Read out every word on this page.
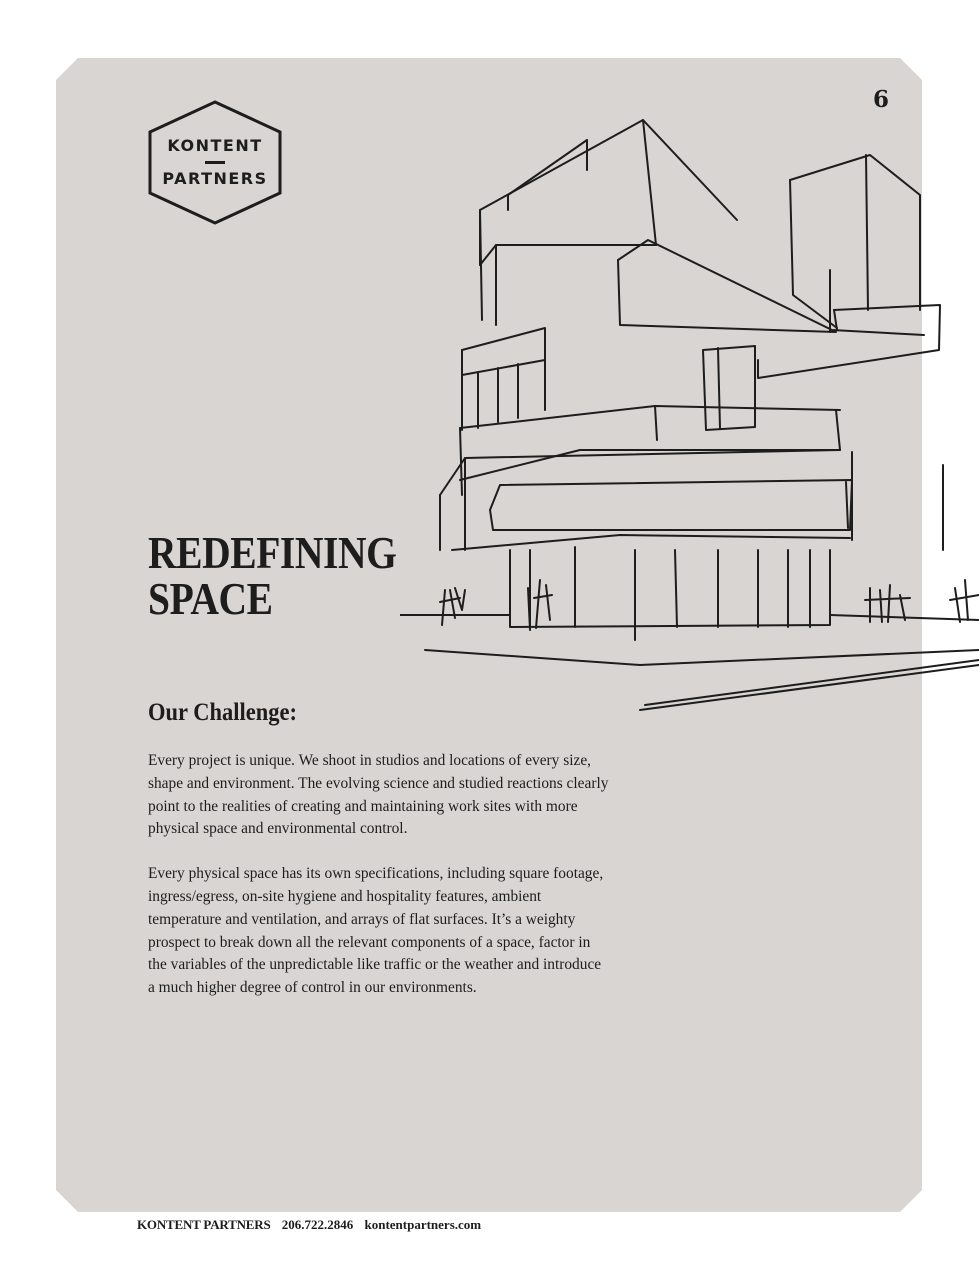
6
KONTENT
PARTNERS
REDEFINING
SPACE
Our Challenge:

Every project is unique. We shoot in studios and locations of every size,
shape and environment. The evolving science and studied reactions clearly
point to the realities of creating and maintaining work sites with more
physical space and environmental control.

Every physical space has its own specifications, including square footage,
ingress/egress, on-site hygiene and hospitality features, ambient
temperature and ventilation, and arrays of flat surfaces. It’s a weighty
prospect to break down all the relevant components of a space, factor in
the variables of the unpredictable like traffic or the weather and introduce
a much higher degree of control in our environments.

KONTENT PARTNERS 206.722.2846 kontentpartners.com
